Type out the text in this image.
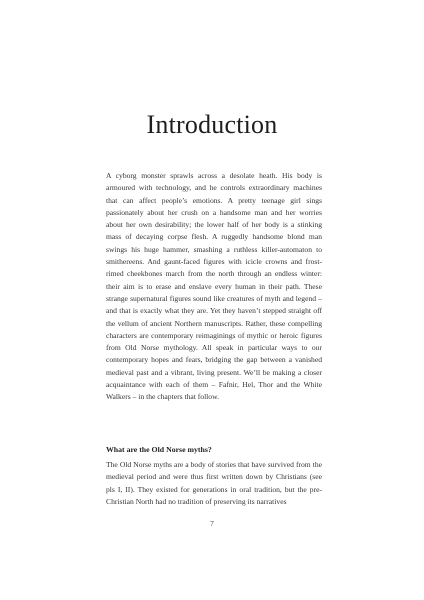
Introduction

A cyborg monster sprawls across a desolate heath. His body is armoured with technology, and he controls extraordinary machines that can affect people’s emotions. A pretty teenage girl sings passionately about her crush on a handsome man and her worries about her own desirability; the lower half of her body is a stinking mass of decaying corpse flesh. A ruggedly handsome blond man swings his huge hammer, smashing a ruthless killer-automaton to smithereens. And gaunt-faced figures with icicle crowns and frost-rimed cheekbones march from the north through an endless winter: their aim is to erase and enslave every human in their path. These strange supernatural figures sound like creatures of myth and legend – and that is exactly what they are. Yet they haven’t stepped straight off the vellum of ancient Northern manuscripts. Rather, these compelling characters are contemporary reimaginings of mythic or heroic figures from Old Norse mythology. All speak in particular ways to our contemporary hopes and fears, bridging the gap between a vanished medieval past and a vibrant, living present. We’ll be making a closer acquaintance with each of them – Fafnir, Hel, Thor and the White Walkers – in the chapters that follow.

What are the Old Norse myths?

The Old Norse myths are a body of stories that have survived from the medieval period and were thus first written down by Christians (see pls I, II). They existed for generations in oral tradition, but the pre-Christian North had no tradition of preserving its narratives

7
